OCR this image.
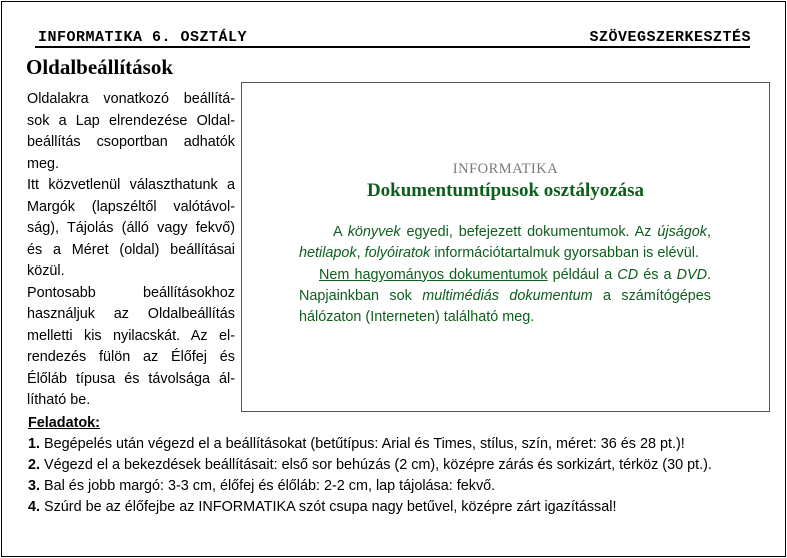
INFORMATIKA 6. OSZTÁLY	SZÖVEGSZERKESZTÉS
Oldalbeállítások

Oldalakra vonatkozó beállítá-sok a Lap elrendezése Oldal-beállítás csoportban adhatók meg.

Itt közvetlenül választhatunk a Margók (lapszéltől valótávol-ság), Tájolás (álló vagy fekvő) és a Méret (oldal) beállításai közül.

Pontosabb beállításokhoz használjuk az Oldalbeállítás melletti kis nyilacskát. Az el-rendezés fülön az Élőfej és Élőláb típusa és távolsága ál-lítható be.

INFORMATIKA
Dokumentumtípusok osztályozása

A könyvek egyedi, befejezett dokumentumok. Az újságok, hetilapok, folyóiratok információtartalmuk gyorsabban is elévül.

Nem hagyományos dokumentumok például a CD és a DVD. Napjainkban sok multimédiás dokumentum a számítógépes hálózaton (Interneten) található meg.

Feladatok:
1. Begépelés után végezd el a beállításokat (betűtípus: Arial és Times, stílus, szín, méret: 36 és 28 pt.)!
2. Végezd el a bekezdések beállításait: első sor behúzás (2 cm), középre zárás és sorkizárt, térköz (30 pt.).
3. Bal és jobb margó: 3-3 cm, élőfej és élőláb: 2-2 cm, lap tájolása: fekvő.
4. Szúrd be az élőfejbe az INFORMATIKA szót csupa nagy betűvel, középre zárt igazítással!
